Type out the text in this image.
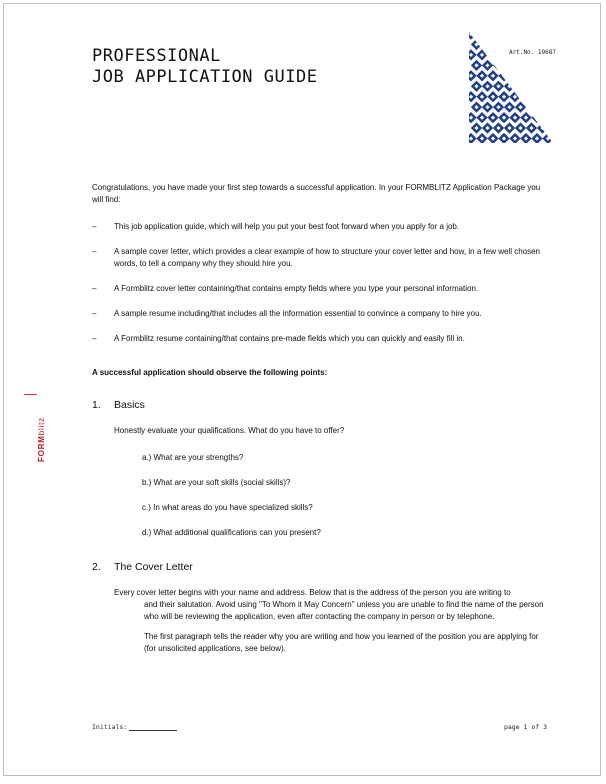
PROFESSIONAL
JOB APPLICATION GUIDE
Art.No. 19687
FORMblitz

Congratulations, you have made your first step towards a successful application. In your FORMBLITZ Application Package you will find:

– This job application guide, which will help you put your best foot forward when you apply for a job.
– A sample cover letter, which provides a clear example of how to structure your cover letter and how, in a few well chosen words, to tell a company why they should hire you.
– A Formblitz cover letter containing/that contains empty fields where you type your personal information.
– A sample resume including/that includes all the information essential to convince a company to hire you.
– A Formblitz resume containing/that contains pre-made fields which you can quickly and easily fill in.

A successful application should observe the following points:

1. Basics

Honestly evaluate your qualifications. What do you have to offer?

a.) What are your strengths?

b.) What are your soft skills (social skills)?

c.) In what areas do you have specialized skills?

d.) What additional qualifications can you present?

2. The Cover Letter
Every cover letter begins with your name and address. Below that is the address of the person you are writing to
and their salutation. Avoid using "To Whom it May Concern" unless you are unable to find the name of the person who will be reviewing the application, even after contacting the company in person or by telephone.

The first paragraph tells the reader why you are writing and how you learned of the position you are applying for (for unsolicited applications, see below).

Initials:	page 1 of 3
